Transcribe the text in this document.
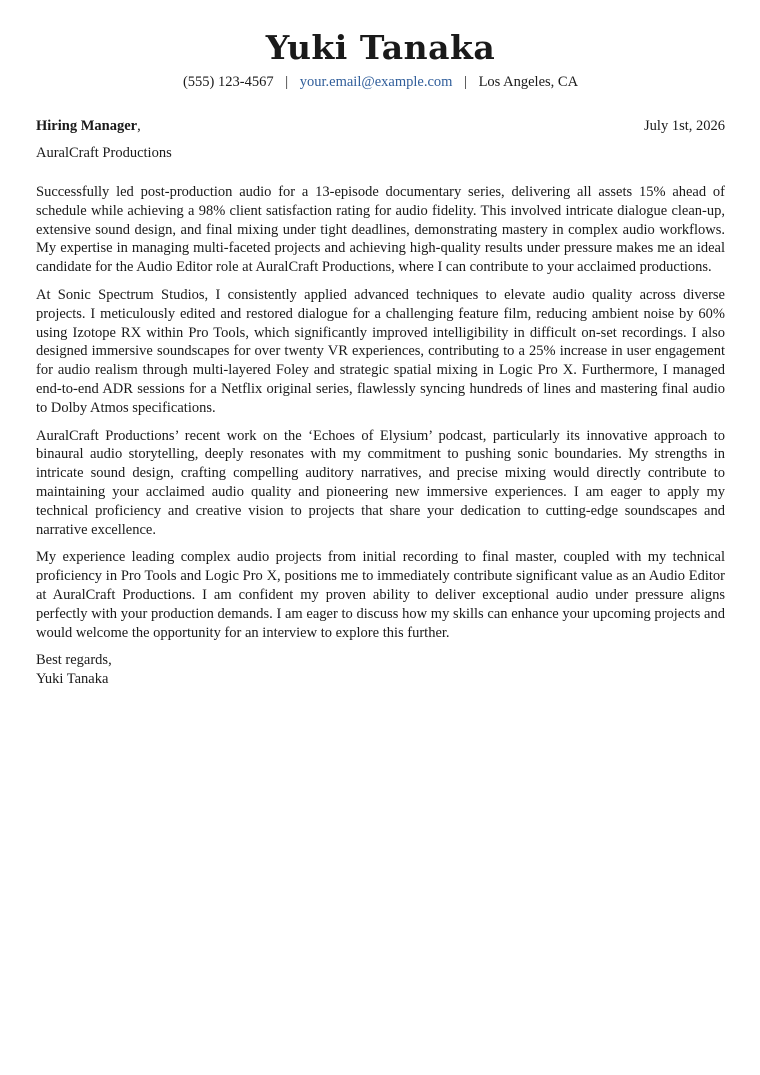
Yuki Tanaka
(555) 123-4567 | your.email@example.com | Los Angeles, CA
Hiring Manager,	July 1st, 2026
AuralCraft Productions

Successfully led post-production audio for a 13-episode documentary series, delivering all assets 15% ahead of schedule while achieving a 98% client satisfaction rating for audio fidelity. This involved intricate dialogue clean-up, extensive sound design, and final mixing under tight deadlines, demonstrating mastery in complex audio workflows. My expertise in managing multi-faceted projects and achieving high-quality results under pressure makes me an ideal candidate for the Audio Editor role at AuralCraft Productions, where I can contribute to your acclaimed productions.

At Sonic Spectrum Studios, I consistently applied advanced techniques to elevate audio quality across diverse projects. I meticulously edited and restored dialogue for a challenging feature film, reducing ambient noise by 60% using Izotope RX within Pro Tools, which significantly improved intelligibility in difficult on-set recordings. I also designed immersive soundscapes for over twenty VR experiences, contributing to a 25% increase in user engagement for audio realism through multi-layered Foley and strategic spatial mixing in Logic Pro X. Furthermore, I managed end-to-end ADR sessions for a Netflix original series, flawlessly syncing hundreds of lines and mastering final audio to Dolby Atmos specifications.

AuralCraft Productions’ recent work on the ‘Echoes of Elysium’ podcast, particularly its innovative approach to binaural audio storytelling, deeply resonates with my commitment to pushing sonic boundaries. My strengths in intricate sound design, crafting compelling auditory narratives, and precise mixing would directly contribute to maintaining your acclaimed audio quality and pioneering new immersive experiences. I am eager to apply my technical proficiency and creative vision to projects that share your dedication to cutting-edge soundscapes and narrative excellence.

My experience leading complex audio projects from initial recording to final master, coupled with my technical proficiency in Pro Tools and Logic Pro X, positions me to immediately contribute significant value as an Audio Editor at AuralCraft Productions. I am confident my proven ability to deliver exceptional audio under pressure aligns perfectly with your production demands. I am eager to discuss how my skills can enhance your upcoming projects and would welcome the opportunity for an interview to explore this further.

Best regards,
Yuki Tanaka
